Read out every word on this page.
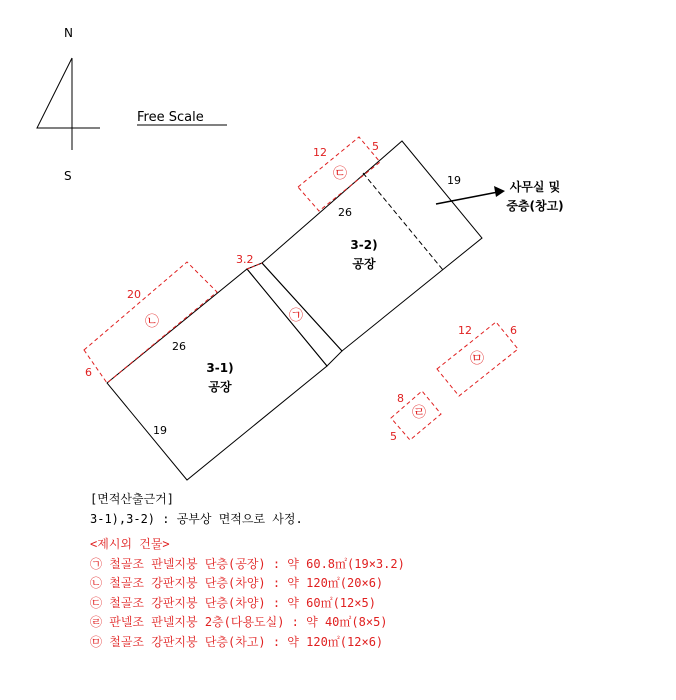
N
S
Free Scale
사무실 및
중층(창고)
3-1)
공장
3-2)
공장
26
19
26
19
㉠
3.2
㉡
20
6
㉢
12	5
㉣
8
5
㉤
12	6
[면적산출근거]
3-1),3-2) : 공부상 면적으로 사정.
<제시외 건물>
㉠ 철골조 판넬지붕 단층(공장) : 약 60.8㎡(19×3.2)
㉡ 철골조 강판지붕 단층(차양) : 약 120㎡(20×6)
㉢ 철골조 강판지붕 단층(차양) : 약 60㎡(12×5)
㉣ 판넬조 판넬지붕 2층(다용도실) : 약 40㎡(8×5)
㉤ 철골조 강판지붕 단층(차고) : 약 120㎡(12×6)
